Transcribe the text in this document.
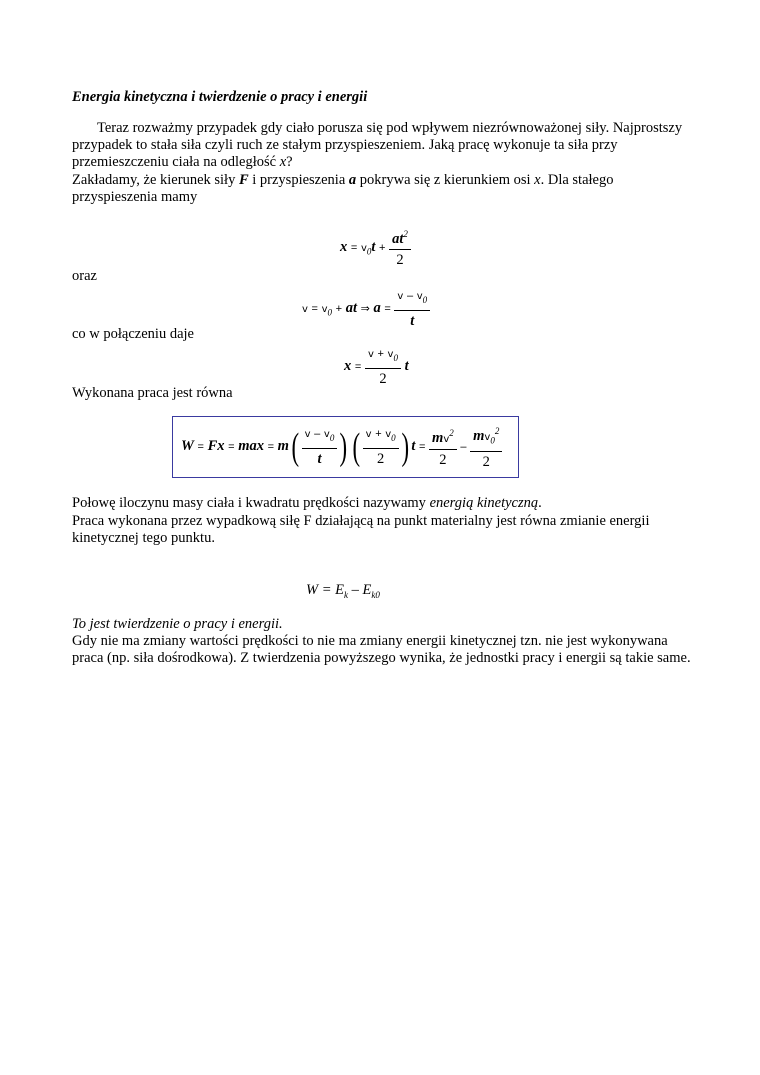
Energia kinetyczna i twierdzenie o pracy i energii
Teraz rozważmy przypadek gdy ciało porusza się pod wpływem niezrównoważonej siły. Najprostszy przypadek to stała siła czyli ruch ze stałym przyspieszeniem. Jaką pracę wykonuje ta siła przy przemieszczeniu ciała na odległość x?
Zakładamy, że kierunek siły F i przyspieszenia a pokrywa się z kierunkiem osi x. Dla stałego przyspieszenia mamy
$x = v_0t + \frac{at^2}{2}$
oraz
$v = v_0$ + at ⇒ $a = \frac{v - v_0}{t}$
co w połączeniu daje
$x = \frac{v + v_0}{2}$ t
Wykonana praca jest równa
$W = Fx = \max = m( \frac{v - v_0}{t}$ ) ( $\frac{v + v_0}{2}$ ) $t = \frac{mv^2}{2} - \frac{mv_0^2}{2}$
Połowę iloczynu masy ciała i kwadratu prędkości nazywamy energią kinetyczną.
Praca wykonana przez wypadkową siłę F działającą na punkt materialny jest równa zmianie energii kinetycznej tego punktu.
$W = E_k - E_{k0}$
To jest twierdzenie o pracy i energii.
Gdy nie ma zmiany wartości prędkości to nie ma zmiany energii kinetycznej tzn. nie jest wykonywana praca (np. siła dośrodkowa). Z twierdzenia powyższego wynika, że jednostki pracy i energii są takie same.
